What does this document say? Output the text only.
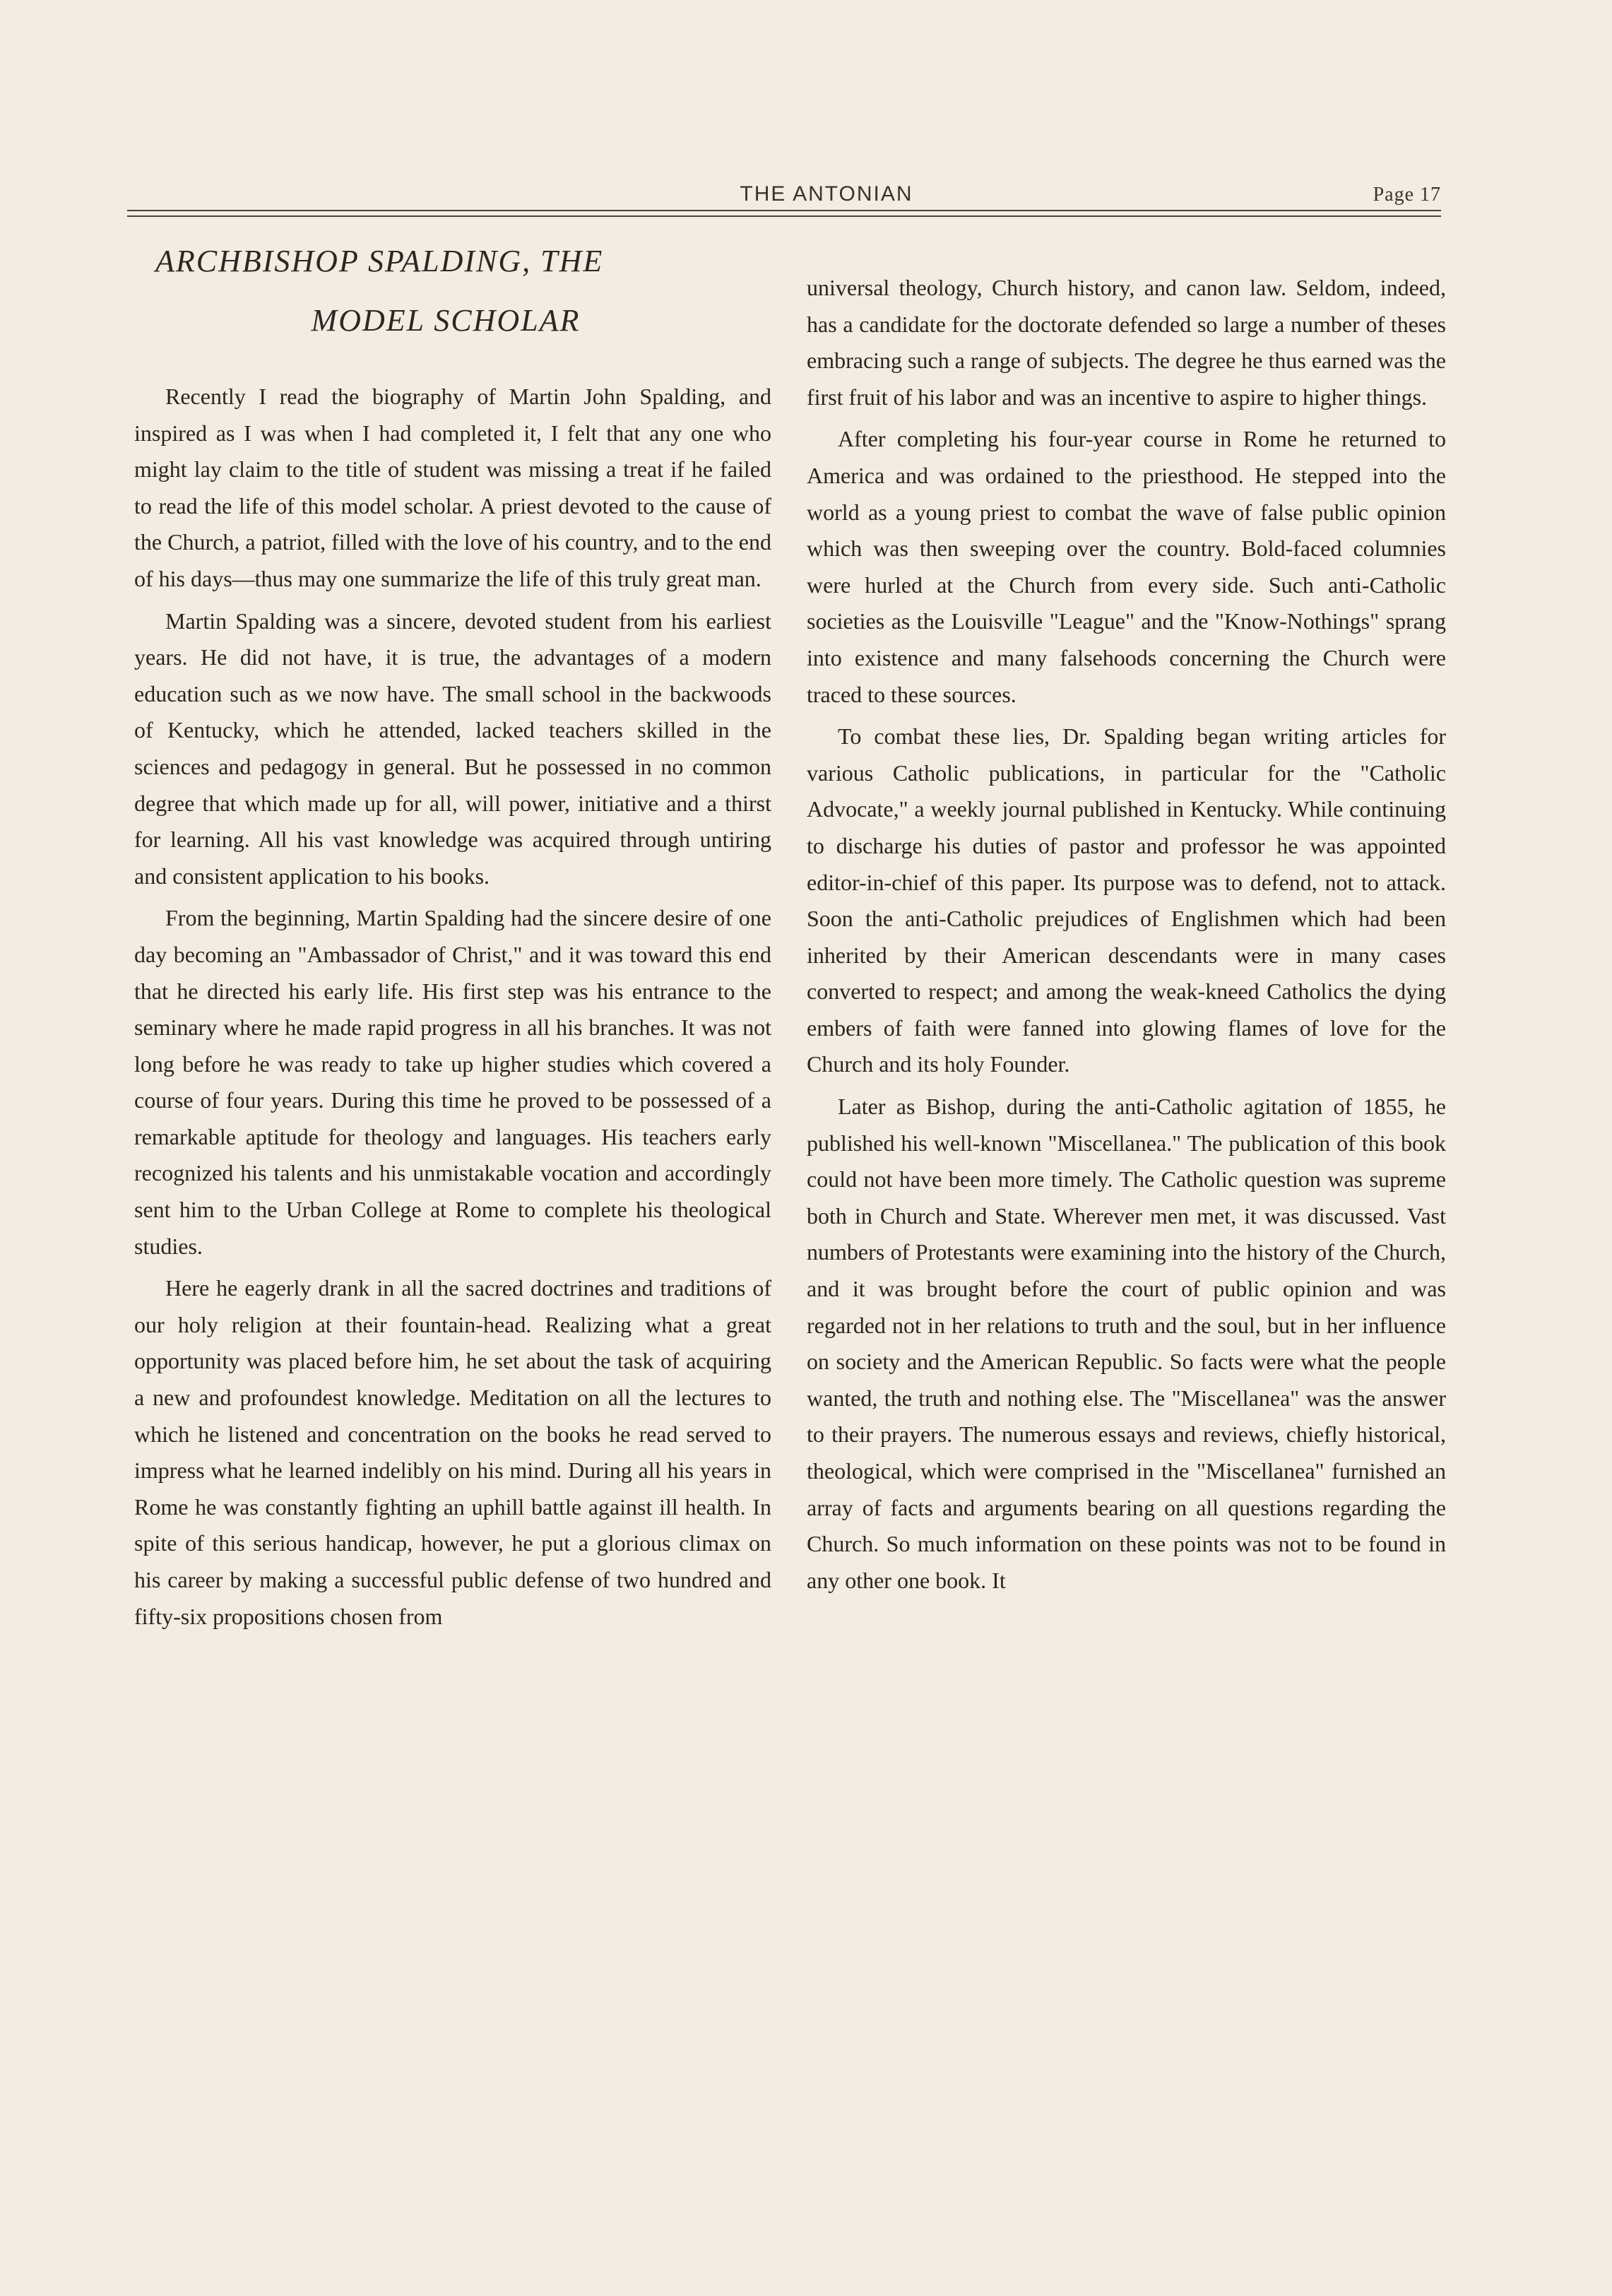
THE ANTONIAN	Page 17
ARCHBISHOP SPALDING, THE
MODEL SCHOLAR

Recently I read the biography of Martin John Spalding, and inspired as I was when I had completed it, I felt that any one who might lay claim to the title of student was missing a treat if he failed to read the life of this model scholar. A priest devoted to the cause of the Church, a patriot, filled with the love of his country, and to the end of his days—thus may one summarize the life of this truly great man.

Martin Spalding was a sincere, devoted student from his earliest years. He did not have, it is true, the advantages of a modern education such as we now have. The small school in the backwoods of Kentucky, which he attended, lacked teachers skilled in the sciences and pedagogy in general. But he possessed in no common degree that which made up for all, will power, initiative and a thirst for learning. All his vast knowledge was acquired through untiring and consistent application to his books.

From the beginning, Martin Spalding had the sincere desire of one day becoming an "Ambassador of Christ," and it was toward this end that he directed his early life. His first step was his entrance to the seminary where he made rapid progress in all his branches. It was not long before he was ready to take up higher studies which covered a course of four years. During this time he proved to be possessed of a remarkable aptitude for theology and languages. His teachers early recognized his talents and his unmistakable vocation and accordingly sent him to the Urban College at Rome to complete his theological studies.

Here he eagerly drank in all the sacred doctrines and traditions of our holy religion at their fountain-head. Realizing what a great opportunity was placed before him, he set about the task of acquiring a new and profoundest knowledge. Meditation on all the lectures to which he listened and concentration on the books he read served to impress what he learned indelibly on his mind. During all his years in Rome he was constantly fighting an uphill battle against ill health. In spite of this serious handicap, however, he put a glorious climax on his career by making a successful public defense of two hundred and fifty-six propositions chosen from

universal theology, Church history, and canon law. Seldom, indeed, has a candidate for the doctorate defended so large a number of theses embracing such a range of subjects. The degree he thus earned was the first fruit of his labor and was an incentive to aspire to higher things.

After completing his four-year course in Rome he returned to America and was ordained to the priesthood. He stepped into the world as a young priest to combat the wave of false public opinion which was then sweeping over the country. Bold-faced columnies were hurled at the Church from every side. Such anti-Catholic societies as the Louisville "League" and the "Know-Nothings" sprang into existence and many falsehoods concerning the Church were traced to these sources.

To combat these lies, Dr. Spalding began writing articles for various Catholic publications, in particular for the "Catholic Advocate," a weekly journal published in Kentucky. While continuing to discharge his duties of pastor and professor he was appointed editor-in-chief of this paper. Its purpose was to defend, not to attack. Soon the anti-Catholic prejudices of Englishmen which had been inherited by their American descendants were in many cases converted to respect; and among the weak-kneed Catholics the dying embers of faith were fanned into glowing flames of love for the Church and its holy Founder.

Later as Bishop, during the anti-Catholic agitation of 1855, he published his well-known "Miscellanea." The publication of this book could not have been more timely. The Catholic question was supreme both in Church and State. Wherever men met, it was discussed. Vast numbers of Protestants were examining into the history of the Church, and it was brought before the court of public opinion and was regarded not in her relations to truth and the soul, but in her influence on society and the American Republic. So facts were what the people wanted, the truth and nothing else. The "Miscellanea" was the answer to their prayers. The numerous essays and reviews, chiefly historical, theological, which were comprised in the "Miscellanea" furnished an array of facts and arguments bearing on all questions regarding the Church. So much information on these points was not to be found in any other one book. It
